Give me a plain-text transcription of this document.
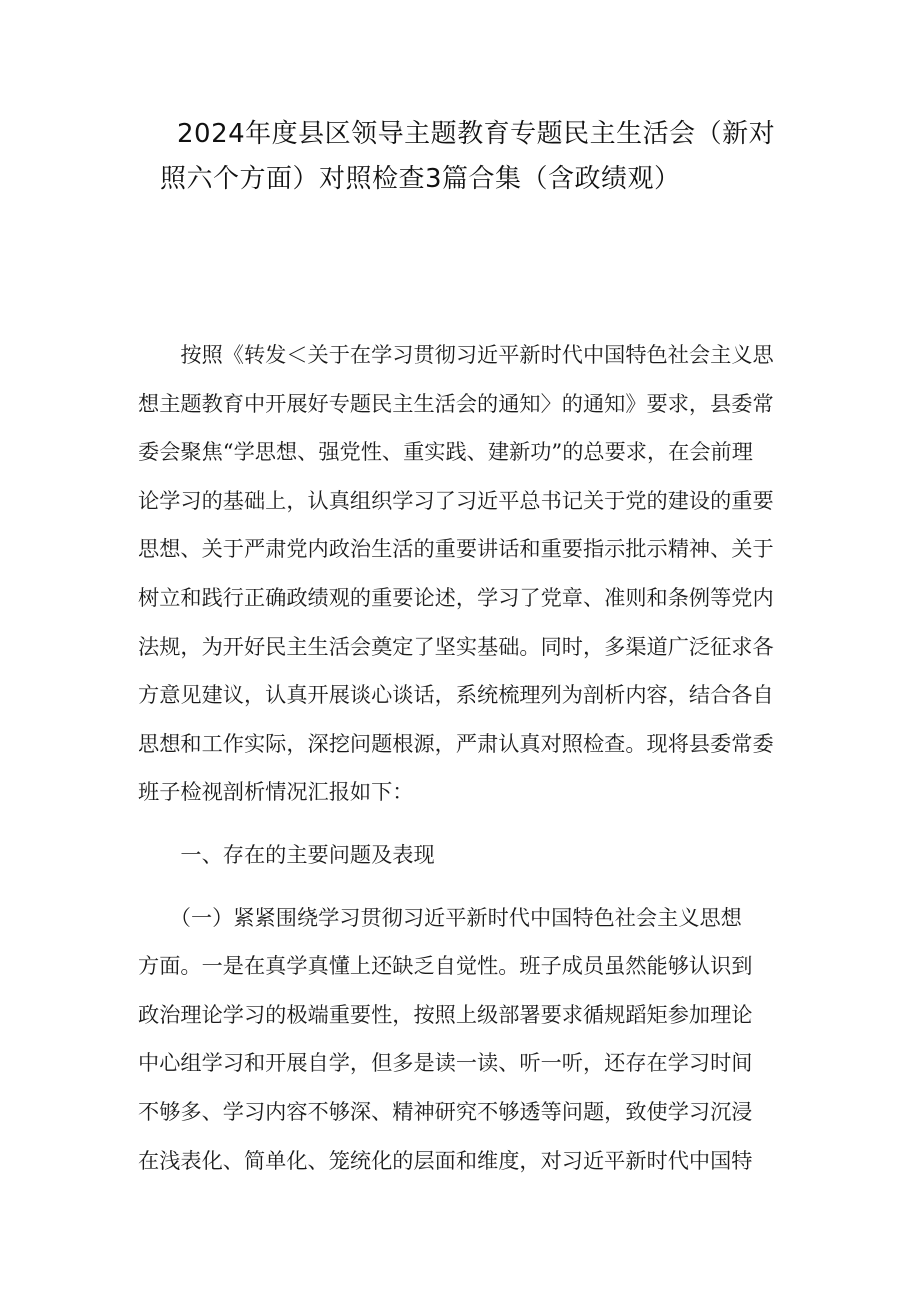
2024年度县区领导主题教育专题民主生活会（新对
照六个方面）对照检查3篇合集（含政绩观）

　　按照《转发＜关于在学习贯彻习近平新时代中国特色社会主义思

想主题教育中开展好专题民主生活会的通知〉的通知》要求，县委常

委会聚焦“学思想、强党性、重实践、建新功”的总要求，在会前理

论学习的基础上，认真组织学习了习近平总书记关于党的建设的重要

思想、关于严肃党内政治生活的重要讲话和重要指示批示精神、关于

树立和践行正确政绩观的重要论述，学习了党章、准则和条例等党内

法规，为开好民主生活会奠定了坚实基础。同时，多渠道广泛征求各

方意见建议，认真开展谈心谈话，系统梳理列为剖析内容，结合各自

思想和工作实际，深挖问题根源，严肃认真对照检查。现将县委常委

班子检视剖析情况汇报如下：

　　一、存在的主要问题及表现

　　（一）紧紧围绕学习贯彻习近平新时代中国特色社会主义思想

方面。一是在真学真懂上还缺乏自觉性。班子成员虽然能够认识到

政治理论学习的极端重要性，按照上级部署要求循规蹈矩参加理论

中心组学习和开展自学，但多是读一读、听一听，还存在学习时间

不够多、学习内容不够深、精神研究不够透等问题，致使学习沉浸

在浅表化、简单化、笼统化的层面和维度，对习近平新时代中国特
